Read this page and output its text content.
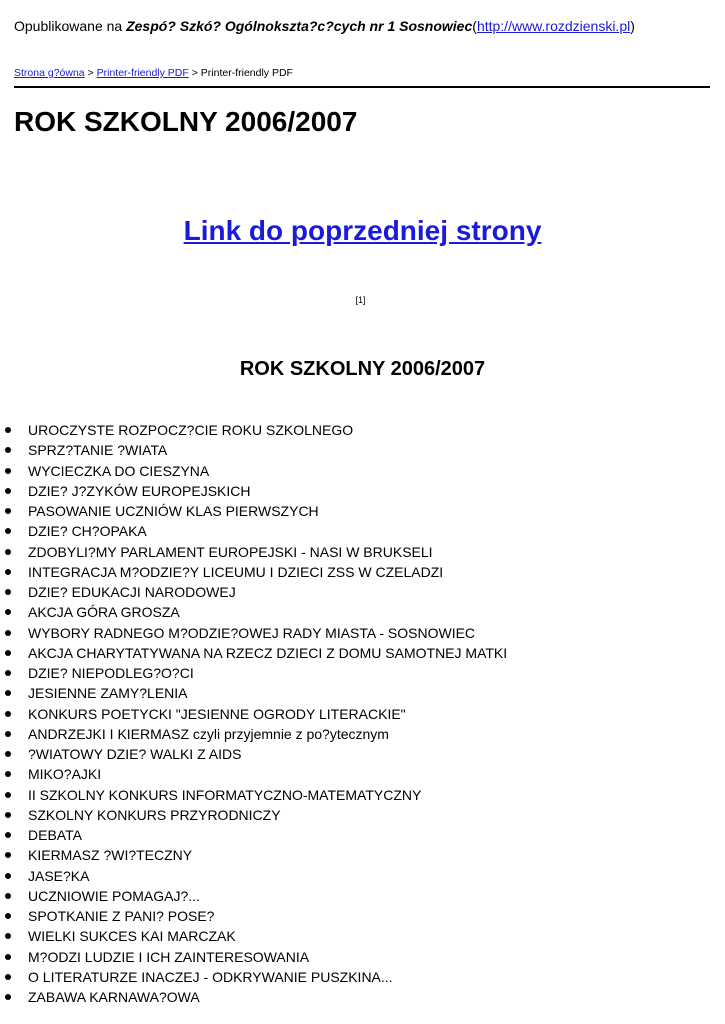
Opublikowane na Zespó? Szkó? Ogólnoksztа?c?cych nr 1 Sosnowiec(http://www.rozdzienski.pl)
Strona g?ówna > Printer-friendly PDF > Printer-friendly PDF
ROK SZKOLNY 2006/2007
Link do poprzedniej strony
[1]
ROK SZKOLNY 2006/2007
UROCZYSTE ROZPOCZ?CIE ROKU SZKOLNEGO
SPRZ?TANIE ?WIATA
WYCIECZKA DO CIESZYNA
DZIE? J?ZYKÓW EUROPEJSKICH
PASOWANIE UCZNIÓW KLAS PIERWSZYCH
DZIE? CH?OPAKA
ZDOBYLI?MY PARLAMENT EUROPEJSKI - NASI W BRUKSELI
INTEGRACJA M?ODZIE?Y LICEUMU I DZIECI ZSS W CZELADZI
DZIE? EDUKACJI NARODOWEJ
AKCJA GÓRA GROSZA
WYBORY RADNEGO M?ODZIE?OWEJ RADY MIASTA - SOSNOWIEC
AKCJA CHARYTATYWANA NA RZECZ DZIECI Z DOMU SAMOTNEJ MATKI
DZIE? NIEPODLEG?O?CI
JESIENNE ZAMY?LENIA
KONKURS POETYCKI "JESIENNE OGRODY LITERACKIE"
ANDRZEJKI I KIERMASZ czyli przyjemnie z po?ytecznym
?WIATOWY DZIE? WALKI Z AIDS
MIKO?AJKI
II SZKOLNY KONKURS INFORMATYCZNO-MATEMATYCZNY
SZKOLNY KONKURS PRZYRODNICZY
DEBATA
KIERMASZ ?WI?TECZNY
JASE?KA
UCZNIOWIE POMAGAJ?...
SPOTKANIE Z PANI? POSE?
WIELKI SUKCES KAI MARCZAK
M?ODZI LUDZIE I ICH ZAINTERESOWANIA
O LITERATURZE INACZEJ - ODKRYWANIE PUSZKINA...
ZABAWA KARNAWA?OWA
